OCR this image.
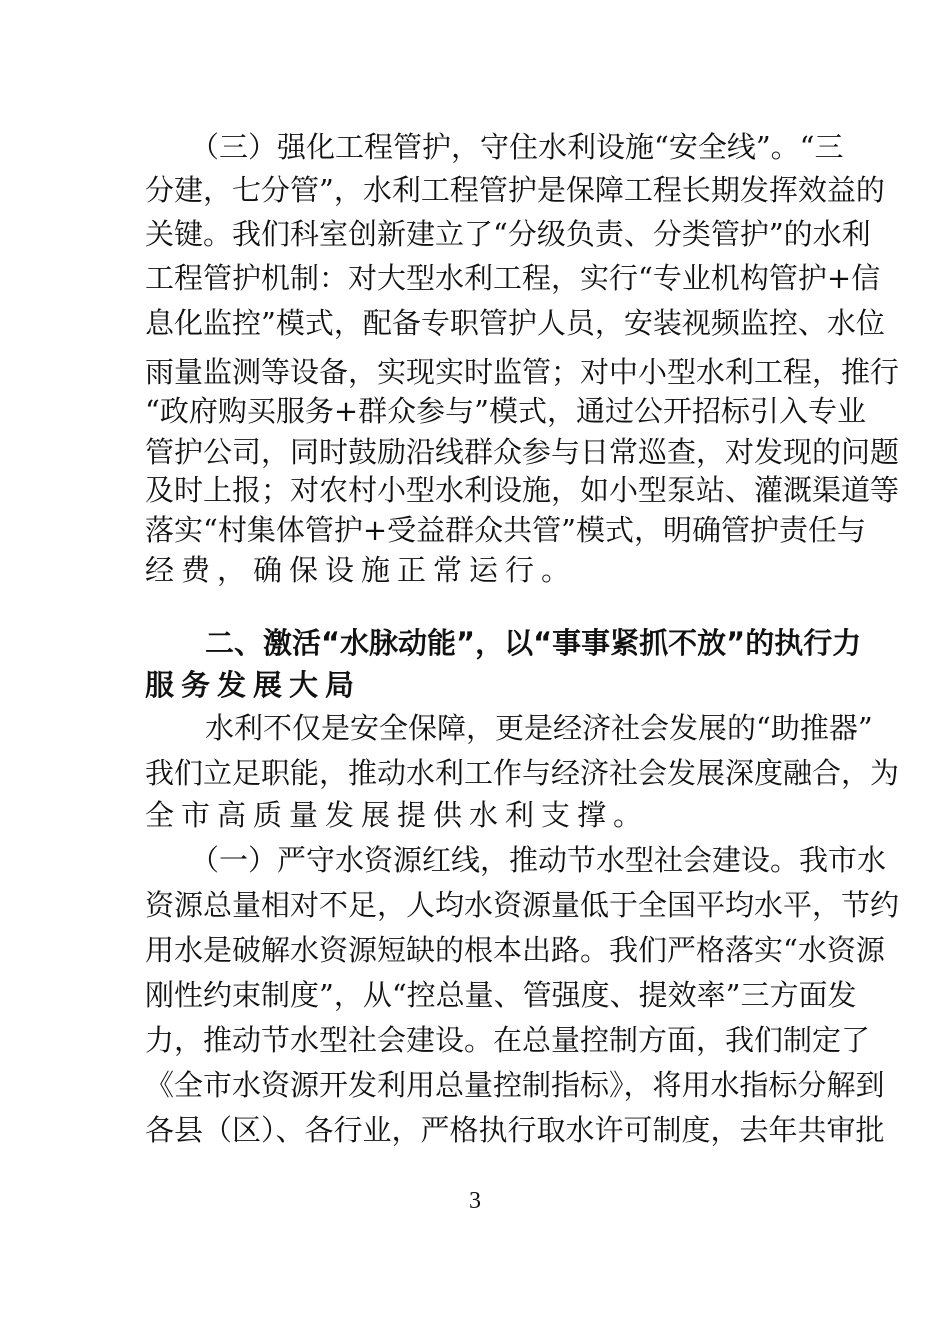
（三）强化工程管护，守住水利设施“安全线”。“三
分建，七分管”，水利工程管护是保障工程长期发挥效益的
关键。我们科室创新建立了“分级负责、分类管护”的水利
工程管护机制：对大型水利工程，实行“专业机构管护+信
息化监控”模式，配备专职管护人员，安装视频监控、水位
雨量监测等设备，实现实时监管；对中小型水利工程，推行
“政府购买服务+群众参与”模式，通过公开招标引入专业
管护公司，同时鼓励沿线群众参与日常巡查，对发现的问题
及时上报；对农村小型水利设施，如小型泵站、灌溉渠道等
落实“村集体管护+受益群众共管”模式，明确管护责任与
经费，确保设施正常运行。
二、激活“水脉动能”，以“事事紧抓不放”的执行力
服务发展大局
水利不仅是安全保障，更是经济社会发展的“助推器”
我们立足职能，推动水利工作与经济社会发展深度融合，为
全市高质量发展提供水利支撑。
（一）严守水资源红线，推动节水型社会建设。我市水
资源总量相对不足，人均水资源量低于全国平均水平，节约
用水是破解水资源短缺的根本出路。我们严格落实“水资源
刚性约束制度”，从“控总量、管强度、提效率”三方面发
力，推动节水型社会建设。在总量控制方面，我们制定了
《全市水资源开发利用总量控制指标》，将用水指标分解到
各县（区）、各行业，严格执行取水许可制度，去年共审批
3
